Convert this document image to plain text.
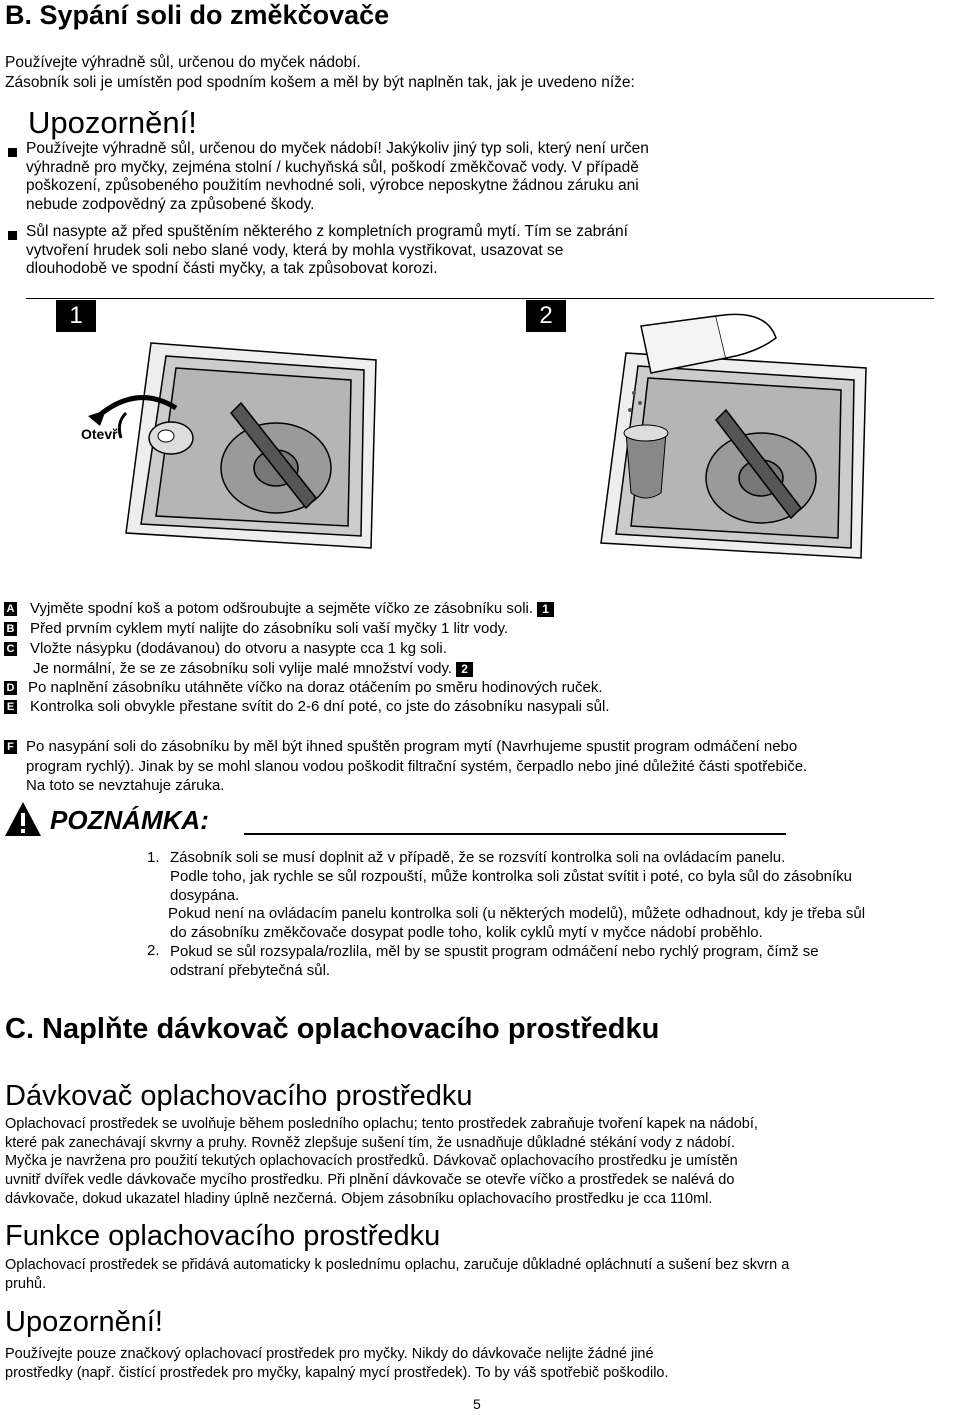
B. Sypání soli do změkčovače
Používejte výhradně sůl, určenou do myček nádobí.
Zásobník soli je umístěn pod spodním košem a měl by být naplněn tak, jak je uvedeno níže:
Upozornění!
Používejte výhradně sůl, určenou do myček nádobí! Jakýkoliv jiný typ soli, který není určen
výhradně pro myčky, zejména stolní / kuchyňská sůl, poškodí změkčovač vody. V případě
poškození, způsobeného použitím nevhodné soli, výrobce neposkytne žádnou záruku ani
nebude zodpovědný za způsobené škody.
Sůl nasypte až před spuštěním některého z kompletních programů mytí. Tím se zabrání
vytvoření hrudek soli nebo slané vody, která by mohla vystřikovat, usazovat se
dlouhodobě ve spodní části myčky, a tak způsobovat korozi.
1	2
Otevř
A Vyjměte spodní koš a potom odšroubujte a sejměte víčko ze zásobníku soli. 1
B Před prvním cyklem mytí nalijte do zásobníku soli vaší myčky 1 litr vody.
C Vložte násypku (dodávanou) do otvoru a nasypte cca 1 kg soli.
Je normální, že se ze zásobníku soli vylije malé množství vody. 2
D Po naplnění zásobníku utáhněte víčko na doraz otáčením po směru hodinových ruček.
E Kontrolka soli obvykle přestane svítit do 2-6 dní poté, co jste do zásobníku nasypali sůl.
F Po nasypání soli do zásobníku by měl být ihned spuštěn program mytí (Navrhujeme spustit program odmáčení nebo
program rychlý). Jinak by se mohl slanou vodou poškodit filtrační systém, čerpadlo nebo jiné důležité části spotřebiče.
Na toto se nevztahuje záruka.
POZNÁMKA:
1. Zásobník soli se musí doplnit až v případě, že se rozsvítí kontrolka soli na ovládacím panelu.
Podle toho, jak rychle se sůl rozpouští, může kontrolka soli zůstat svítit i poté, co byla sůl do zásobníku
dosypána.
Pokud není na ovládacím panelu kontrolka soli (u některých modelů), můžete odhadnout, kdy je třeba sůl
do zásobníku změkčovače dosypat podle toho, kolik cyklů mytí v myčce nádobí proběhlo.
2. Pokud se sůl rozsypala/rozlila, měl by se spustit program odmáčení nebo rychlý program, čímž se
odstraní přebytečná sůl.
C. Naplňte dávkovač oplachovacího prostředku
Dávkovač oplachovacího prostředku
Oplachovací prostředek se uvolňuje během posledního oplachu; tento prostředek zabraňuje tvoření kapek na nádobí,
které pak zanechávají skvrny a pruhy. Rovněž zlepšuje sušení tím, že usnadňuje důkladné stékání vody z nádobí.
Myčka je navržena pro použití tekutých oplachovacích prostředků. Dávkovač oplachovacího prostředku je umístěn
uvnitř dvířek vedle dávkovače mycího prostředku. Při plnění dávkovače se otevře víčko a prostředek se nalévá do
dávkovače, dokud ukazatel hladiny úplně nezčerná. Objem zásobníku oplachovacího prostředku je cca 110ml.
Funkce oplachovacího prostředku
Oplachovací prostředek se přidává automaticky k poslednímu oplachu, zaručuje důkladné opláchnutí a sušení bez skvrn a
pruhů.
Upozornění!
Používejte pouze značkový oplachovací prostředek pro myčky. Nikdy do dávkovače nelijte žádné jiné
prostředky (např. čistící prostředek pro myčky, kapalný mycí prostředek). To by váš spotřebič poškodilo.
5
